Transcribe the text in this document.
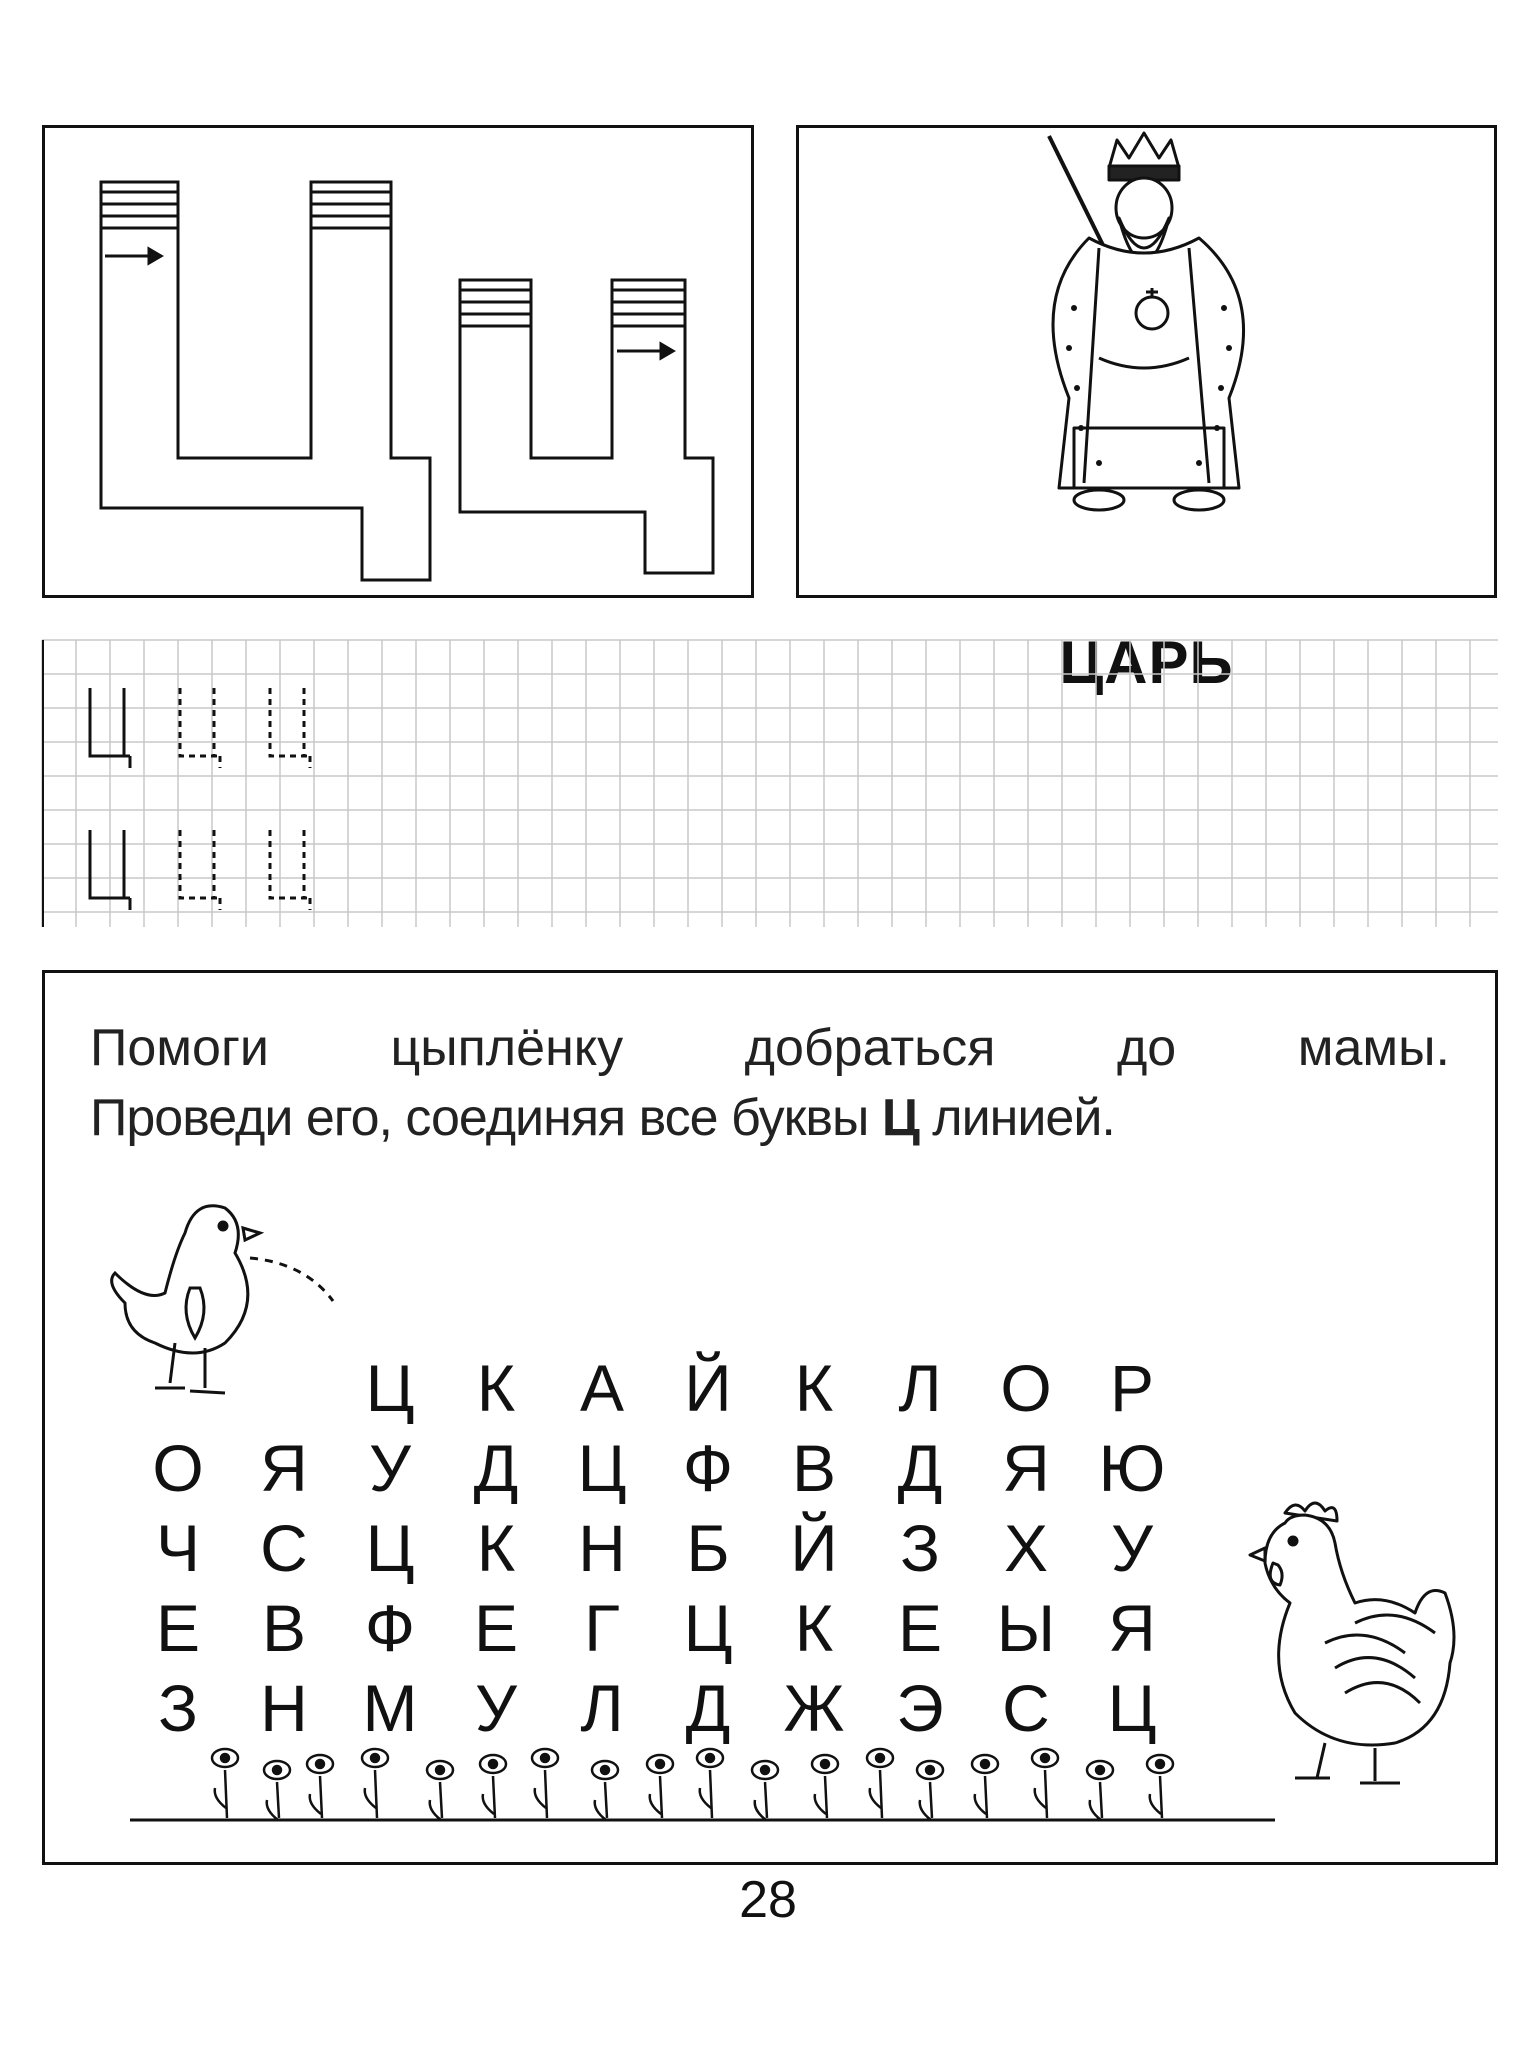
ЦАРЬ
Помоги цыплёнку добраться до мамы.
Проведи его, соединяя все буквы Ц линией.
Ц К А Й К Л О Р
О Я У Д Ц Ф В Д Я Ю
Ч С Ц К Н Б Й З Х У
Е В Ф Е	Г Ц К Е Ы Я
З Н М У Л Д Ж Э С Ц
28
